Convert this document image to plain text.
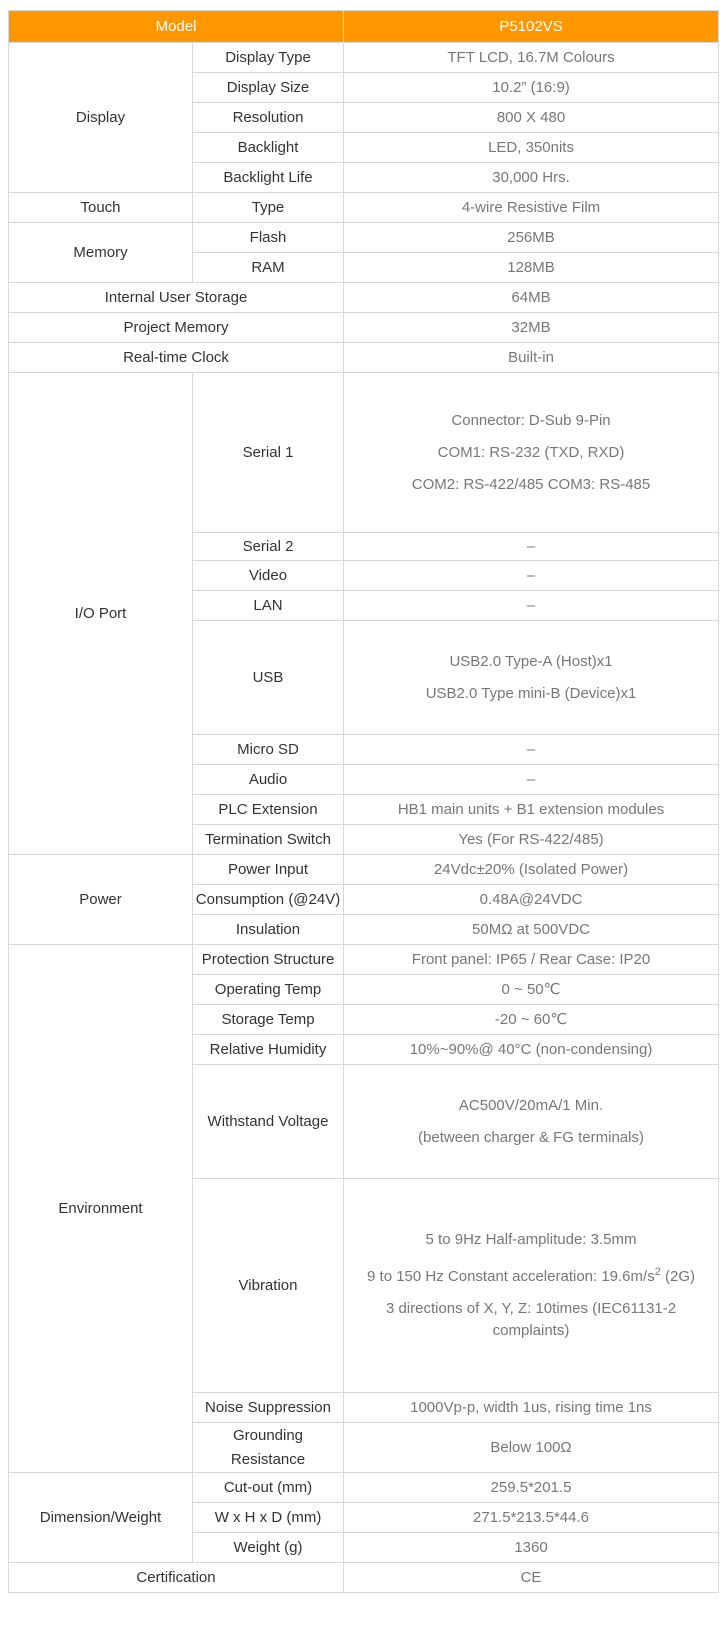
Model		P5102VS
Display	Display Type	TFT LCD, 16.7M Colours
	Display Size	10.2” (16:9)
	Resolution	800 X 480
	Backlight	LED, 350nits
	Backlight Life	30,000 Hrs.
Touch	Type	4-wire Resistive Film
Memory	Flash	256MB
	RAM	128MB
Internal User Storage		64MB
Project Memory		32MB
Real-time Clock		Built-in
I/O Port	Serial 1	Connector: D-Sub 9-Pin
COM1: RS-232 (TXD, RXD)
COM2: RS-422/485 COM3: RS-485

	Serial 2	–
	Video	–
	LAN	–
	USB	USB2.0 Type-A (Host)x1
USB2.0 Type mini-B (Device)x1

	Micro SD	–
	Audio	–
	PLC Extension	HB1 main units + B1 extension modules
	Termination Switch	Yes (For RS-422/485)
Power	Power Input	24Vdc±20% (Isolated Power)
	Consumption (@24V)	0.48A@24VDC
	Insulation	50MΩ at 500VDC
Environment	Protection Structure	Front panel: IP65 / Rear Case: IP20
	Operating Temp	0 ~ 50℃
	Storage Temp	-20 ~ 60℃
	Relative Humidity	10%~90%@ 40°C (non-condensing)
	Withstand Voltage	AC500V/20mA/1 Min.
(between charger & FG terminals)

	Vibration	5 to 9Hz Half-amplitude: 3.5mm
9 to 150 Hz Constant acceleration: $19.6m/s^2$ (2G)
3 directions of X, Y, Z: 10times (IEC61131-2 complaints)

	Noise Suppression	1000Vp-p, width 1us, rising time 1ns
	Grounding Resistance	Below 100Ω
Dimension/Weight	Cut-out (mm)	259.5*201.5
	W x H x D (mm)	271.5*213.5*44.6
	Weight (g)	1360
Certification		CE
